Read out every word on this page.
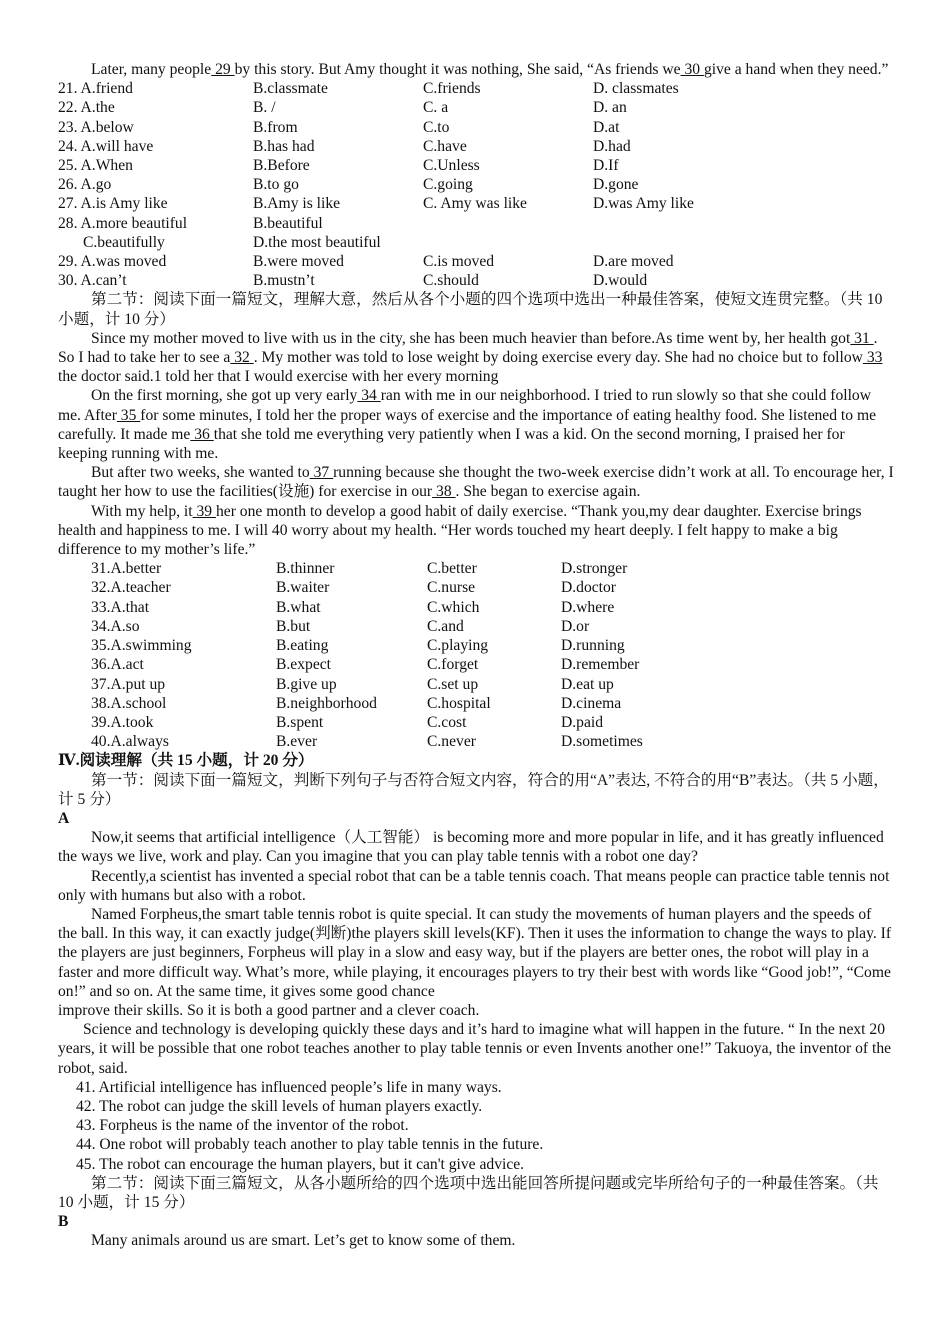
Later, many people 29 by this story. But Amy thought it was nothing, She said, “As friends we 30 give a hand when they need.”

21. A.friend	B.classmate	C.friends	D. classmates
22. A.the	B. /	C. a	D. an
23. A.below	B.from	C.to	D.at
24. A.will have	B.has had	C.have	D.had
25. A.When	B.Before	C.Unless	D.If
26. A.go	B.to go	C.going	D.gone
27. A.is Amy like	B.Amy is like	C. Amy was like	D.was Amy like
28. A.more beautiful	B.beautiful
C.beautifully	D.the most beautiful
29. A.was moved	B.were moved	C.is moved	D.are moved
30. A.can’t	B.mustn’t	C.should	D.would

第二节：阅读下面一篇短文，理解大意，然后从各个小题的四个选项中选出一种最佳答案，使短文连贯完整。（共 10 小题，计 10 分）

Since my mother moved to live with us in the city, she has been much heavier than before.As time went by, her health got 31 . So I had to take her to see a 32 . My mother was told to lose weight by doing exercise every day. She had no choice but to follow 33 the doctor said.1 told her that I would exercise with her every morning

On the first morning, she got up very early 34 ran with me in our neighborhood. I tried to run slowly so that she could follow me. After 35 for some minutes, I told her the proper ways of exercise and the importance of eating healthy food. She listened to me carefully. It made me 36 that she told me everything very patiently when I was a kid. On the second morning, I praised her for keeping running with me.

But after two weeks, she wanted to 37 running because she thought the two-week exercise didn’t work at all. To encourage her, I taught her how to use the facilities(设施) for exercise in our 38 . She began to exercise again.

With my help, it 39 her one month to develop a good habit of daily exercise. “Thank you,my dear daughter. Exercise brings health and happiness to me. I will 40 worry about my health. “Her words touched my heart deeply. I felt happy to make a big difference to my mother’s life.”

31.A.better	B.thinner	C.better	D.stronger
32.A.teacher	B.waiter	C.nurse	D.doctor
33.A.that	B.what	C.which	D.where
34.A.so	B.but	C.and	D.or
35.A.swimming	B.eating	C.playing	D.running
36.A.act	B.expect	C.forget	D.remember
37.A.put up	B.give up	C.set up	D.eat up
38.A.school	B.neighborhood	C.hospital	D.cinema
39.A.took	B.spent	C.cost	D.paid
40.A.always	B.ever	C.never	D.sometimes

Ⅳ.阅读理解（共 15 小题，计 20 分）

第一节：阅读下面一篇短文，判断下列句子与否符合短文内容，符合的用“A”表达, 不符合的用“B”表达。（共 5 小题，计 5 分）

A

Now,it seems that artificial intelligence（人工智能） is becoming more and more popular in life, and it has greatly influenced the ways we live, work and play. Can you imagine that you can play table tennis with a robot one day?

Recently,a scientist has invented a special robot that can be a table tennis coach. That means people can practice table tennis not only with humans but also with a robot.

Named Forpheus,the smart table tennis robot is quite special. It can study the movements of human players and the speeds of the ball. In this way, it can exactly judge(判断)the players skill levels(KF). Then it uses the information to change the ways to play. If the players are just beginners, Forpheus will play in a slow and easy way, but if the players are better ones, the robot will play in a faster and more difficult way. What’s more, while playing, it encourages players to try their best with words like “Good job!”, “Come on!” and so on. At the same time, it gives some good chance

improve their skills. So it is both a good partner and a clever coach.

Science and technology is developing quickly these days and it’s hard to imagine what will happen in the future. “ In the next 20 years, it will be possible that one robot teaches another to play table tennis or even Invents another one!” Takuoya, the inventor of the robot, said.

41. Artificial intelligence has influenced people’s life in many ways.

42. The robot can judge the skill levels of human players exactly.

43. Forpheus is the name of the inventor of the robot.

44. One robot will probably teach another to play table tennis in the future.

45. The robot can encourage the human players, but it can't give advice.

第二节：阅读下面三篇短文，从各小题所给的四个选项中选出能回答所提问题或完毕所给句子的一种最佳答案。（共 10 小题，计 15 分）

B

Many animals around us are smart. Let’s get to know some of them.
